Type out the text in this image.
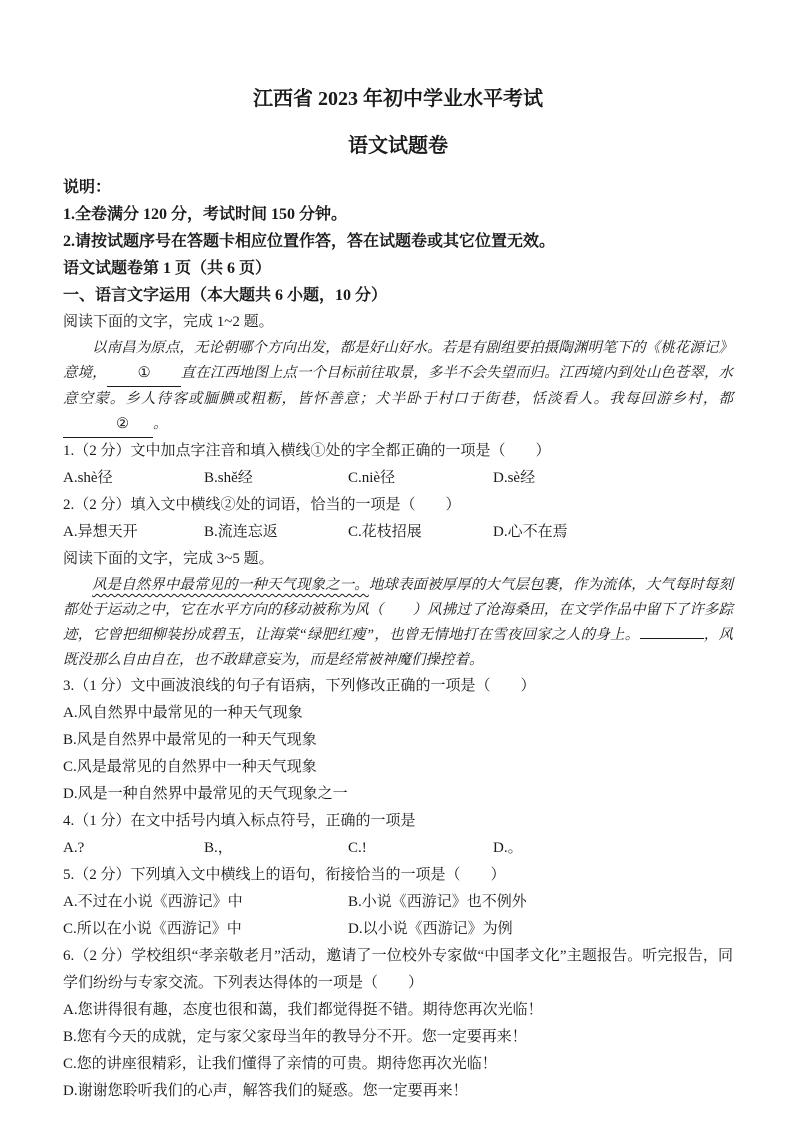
江西省 2023 年初中学业水平考试
语文试题卷

说明：

1.全卷满分 120 分，考试时间 150 分钟。

2.请按试题序号在答题卡相应位置作答，答在试题卷或其它位置无效。

语文试题卷第 1 页（共 6 页）

一、语言文字运用（本大题共 6 小题，10 分）

阅读下面的文字，完成 1~2 题。

以南昌为原点，无论朝哪个方向出发，都是好山好水。若是有剧组要拍摄 •陶渊明笔下的《桃花源记》意境， ① 直在江西地图上点一个目标前往取景，多半不会失望而归。江西境内到处山色苍翠，水意空蒙。乡人待客或腼腆或粗粝，皆怀善意；犬半卧于村口于街巷，恬淡看人。我每回游乡村，都② 。

1.（2 分）文中加点字注音和填入横线①处的字全都正确的一项是（　　）

A.shè径	B.shě经	C.niè径	D.sè经

2.（2 分）填入文中横线②处的词语，恰当的一项是（　　）

A.异想天开	B.流连忘返	C.花枝招展	D.心不在焉

阅读下面的文字，完成 3~5 题。

风是自然界中最常见的一种天气现象之一。地球表面被厚厚的大气层包裹，作为流体，大气每时每刻都处于运动之中，它在水平方向的移动被称为风（　　）风拂过了沧海桑田，在文学作品中留下了许多踪迹，它曾把细柳装扮成碧玉，让海棠“绿肥红瘦”，也曾无情地打在雪夜回家之人的身上。	，风既没那么自由自在，也不敢肆意妄为，而是经常被神魔们操控着。

3.（1 分）文中画波浪线的句子有语病，下列修改正确的一项是（　　）

A.风自然界中最常见的一种天气现象

B.风是自然界中最常见的一种天气现象

C.风是最常见的自然界中一种天气现象

D.风是一种自然界中最常见的天气现象之一

4.（1 分）在文中括号内填入标点符号，正确的一项是

A.?	B.，	C.!	D.。

5.（2 分）下列填入文中横线上的语句，衔接恰当的一项是（　　）

A.不过在小说《西游记》中	B.小说《西游记》也不例外
C.所以在小说《西游记》中	D.以小说《西游记》为例

6.（2 分）学校组织“孝亲敬老月”活动，邀请了一位校外专家做“中国孝文化”主题报告。听完报告，同学们纷纷与专家交流。下列表达得体的一项是（　　）

A.您讲得很有趣，态度也很和蔼，我们都觉得挺不错。期待您再次光临！

B.您有今天的成就，定与家父家母当年的教导分不开。您一定要再来！

C.您的讲座很精彩，让我们懂得了亲情的可贵。期待您再次光临！

D.谢谢您聆听我们的心声，解答我们的疑惑。您一定要再来！
